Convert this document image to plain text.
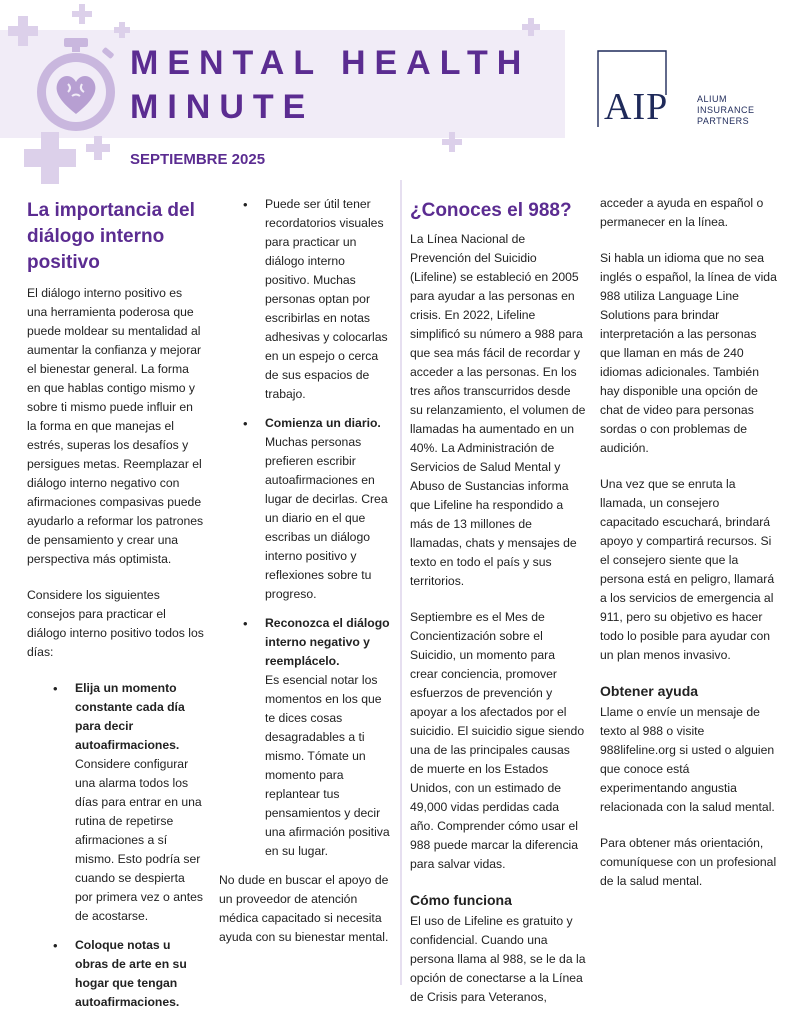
MENTAL HEALTH
MINUTE
SEPTIEMBRE 2025
AIP	ALIUM
INSURANCE
PARTNERS
La importancia del diálogo interno positivo

El diálogo interno positivo es una herramienta poderosa que puede moldear su mentalidad al aumentar la confianza y mejorar el bienestar general. La forma en que hablas contigo mismo y sobre ti mismo puede influir en la forma en que manejas el estrés, superas los desafíos y persigues metas. Reemplazar el diálogo interno negativo con afirmaciones compasivas puede ayudarlo a reformar los patrones de pensamiento y crear una perspectiva más optimista.

Considere los siguientes consejos para practicar el diálogo interno positivo todos los días:

• Elija un momento constante cada día para decir autoafirmaciones.
Considere configurar una alarma todos los días para entrar en una rutina de repetirse afirmaciones a sí mismo. Esto podría ser cuando se despierta por primera vez o antes de acostarse.
• Coloque notas u obras de arte en su hogar que tengan autoafirmaciones.
• Puede ser útil tener recordatorios visuales para practicar un diálogo interno positivo. Muchas personas optan por escribirlas en notas adhesivas y colocarlas en un espejo o cerca de sus espacios de trabajo.
• Comienza un diario.
Muchas personas prefieren escribir autoafirmaciones en lugar de decirlas. Crea un diario en el que escribas un diálogo interno positivo y reflexiones sobre tu progreso.
• Reconozca el diálogo interno negativo y reemplácelo.
Es esencial notar los momentos en los que te dices cosas desagradables a ti mismo. Tómate un momento para replantear tus pensamientos y decir una afirmación positiva en su lugar.

No dude en buscar el apoyo de un proveedor de atención médica capacitado si necesita ayuda con su bienestar mental.

¿Conoces el 988?

La Línea Nacional de Prevención del Suicidio (Lifeline) se estableció en 2005 para ayudar a las personas en crisis. En 2022, Lifeline simplificó su número a 988 para que sea más fácil de recordar y acceder a las personas. En los tres años transcurridos desde su relanzamiento, el volumen de llamadas ha aumentado en un 40%. La Administración de Servicios de Salud Mental y Abuso de Sustancias informa que Lifeline ha respondido a más de 13 millones de llamadas, chats y mensajes de texto en todo el país y sus territorios.

Septiembre es el Mes de Concientización sobre el Suicidio, un momento para crear conciencia, promover esfuerzos de prevención y apoyar a los afectados por el suicidio. El suicidio sigue siendo una de las principales causas de muerte en los Estados Unidos, con un estimado de 49,000 vidas perdidas cada año. Comprender cómo usar el 988 puede marcar la diferencia para salvar vidas.

Cómo funciona

El uso de Lifeline es gratuito y confidencial. Cuando una persona llama al 988, se le da la opción de conectarse a la Línea de Crisis para Veteranos,

acceder a ayuda en español o permanecer en la línea.

Si habla un idioma que no sea inglés o español, la línea de vida 988 utiliza Language Line Solutions para brindar interpretación a las personas que llaman en más de 240 idiomas adicionales. También hay disponible una opción de chat de video para personas sordas o con problemas de audición.

Una vez que se enruta la llamada, un consejero capacitado escuchará, brindará apoyo y compartirá recursos. Si el consejero siente que la persona está en peligro, llamará a los servicios de emergencia al 911, pero su objetivo es hacer todo lo posible para ayudar con un plan menos invasivo.

Obtener ayuda

Llame o envíe un mensaje de texto al 988 o visite 988lifeline.org si usted o alguien que conoce está experimentando angustia relacionada con la salud mental.

Para obtener más orientación, comuníquese con un profesional de la salud mental.
